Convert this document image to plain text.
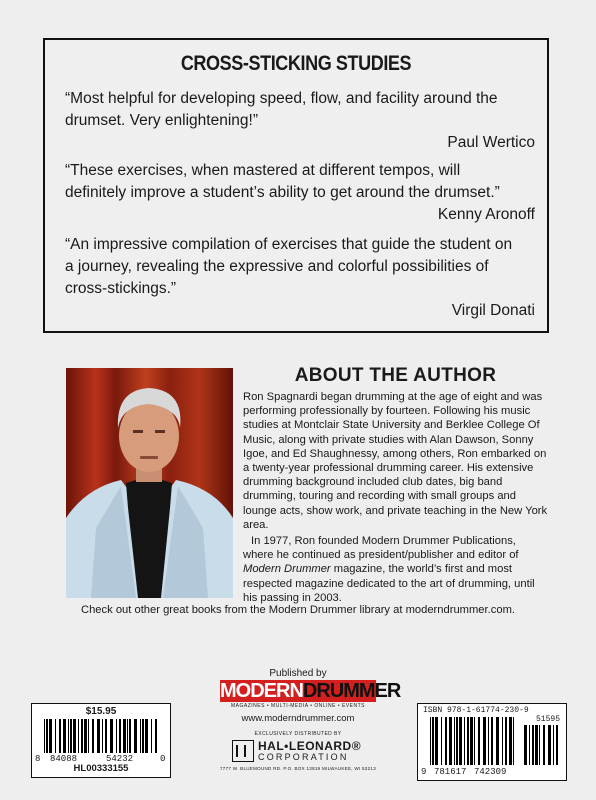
CROSS-STICKING STUDIES
“Most helpful for developing speed, flow, and facility around the
drumset. Very enlightening!”
Paul Wertico
“These exercises, when mastered at different tempos, will
definitely improve a student’s ability to get around the drumset.”
Kenny Aronoff
“An impressive compilation of exercises that guide the student on
a journey, revealing the expressive and colorful possibilities of
cross-stickings.”
Virgil Donati
ABOUT THE AUTHOR

Ron Spagnardi began drumming at the age of eight and was performing professionally by fourteen. Following his music studies at Montclair State University and Berklee College Of Music, along with private studies with Alan Dawson, Sonny Igoe, and Ed Shaughnessy, among others, Ron embarked on a twenty-year professional drumming career. His extensive drumming background included club dates, big band drumming, touring and recording with small groups and lounge acts, show work, and private teaching in the New York area.

In 1977, Ron founded Modern Drummer Publications, where he continued as president/publisher and editor of Modern Drummer magazine, the world’s first and most respected magazine dedicated to the art of drumming, until his passing in 2003.

Check out other great books from the Modern Drummer library at moderndrummer.com.
Published by
MODERNDRUMMER
MAGAZINES • MULTI-MEDIA • ONLINE • EVENTS
www.moderndrummer.com
EXCLUSIVELY DISTRIBUTED BY
HAL•LEONARD®
CORPORATION
7777 W. BLUEMOUND RD. P.O. BOX 13819 MILWAUKEE, WI 53213
$15.95
8 84088	54232	0
HL00333155
ISBN 978-1-61774-230-9
51595
9 781617 742309
